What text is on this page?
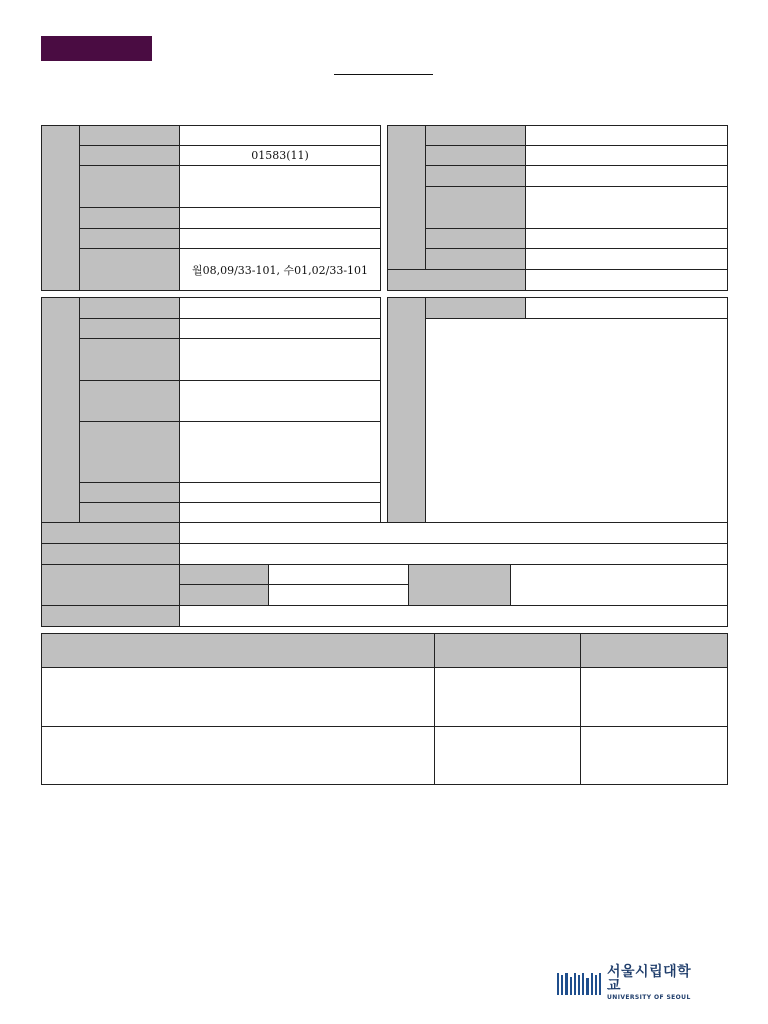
01583(11)
월08,09/33-101, 수01,02/33-101
서울시립대학교
UNIVERSITY OF SEOUL
